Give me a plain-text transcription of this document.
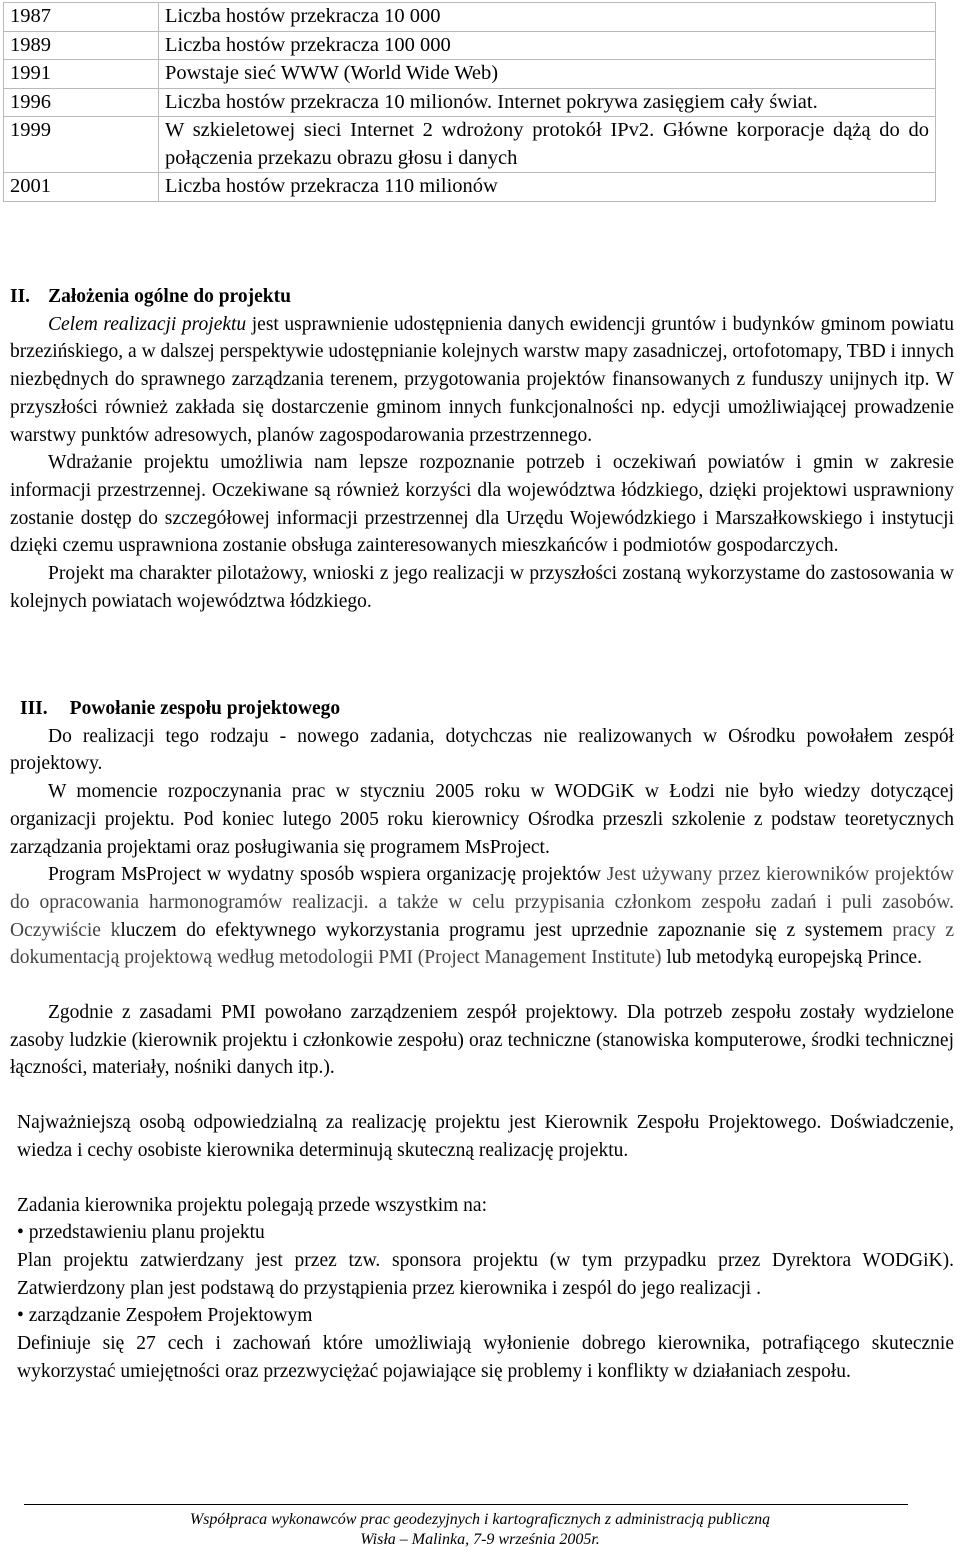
1987	Liczba hostów przekracza 10 000
1989	Liczba hostów przekracza 100 000
1991	Powstaje sieć WWW (World Wide Web)
1996	Liczba hostów przekracza 10 milionów. Internet pokrywa zasięgiem cały świat.
1999	W szkieletowej sieci Internet 2 wdrożony protokół IPv2. Główne korporacje dążą do do połączenia przekazu obrazu głosu i danych
2001	Liczba hostów przekracza 110 milionów
II. Założenia ogólne do projektu
Celem realizacji projektu jest usprawnienie udostępnienia danych ewidencji gruntów i budynków gminom powiatu brzezińskiego, a w dalszej perspektywie udostępnianie kolejnych warstw mapy zasadniczej, ortofotomapy, TBD i innych niezbędnych do sprawnego zarządzania terenem, przygotowania projektów finansowanych z funduszy unijnych itp. W przyszłości również zakłada się dostarczenie gminom innych funkcjonalności np. edycji umożliwiającej prowadzenie warstwy punktów adresowych, planów zagospodarowania przestrzennego.
Wdrażanie projektu umożliwia nam lepsze rozpoznanie potrzeb i oczekiwań powiatów i gmin w zakresie informacji przestrzennej. Oczekiwane są również korzyści dla województwa łódzkiego, dzięki projektowi usprawniony zostanie dostęp do szczegółowej informacji przestrzennej dla Urzędu Wojewódzkiego i Marszałkowskiego i instytucji dzięki czemu usprawniona zostanie obsługa zainteresowanych mieszkańców i podmiotów gospodarczych.
Projekt ma charakter pilotażowy, wnioski z jego realizacji w przyszłości zostaną wykorzystame do zastosowania w kolejnych powiatach województwa łódzkiego.
III. Powołanie zespołu projektowego
Do realizacji tego rodzaju - nowego zadania, dotychczas nie realizowanych w Ośrodku powołałem zespół projektowy.
W momencie rozpoczynania prac w styczniu 2005 roku w WODGiK w Łodzi nie było wiedzy dotyczącej organizacji projektu. Pod koniec lutego 2005 roku kierownicy Ośrodka przeszli szkolenie z podstaw teoretycznych zarządzania projektami oraz posługiwania się programem MsProject.
Program MsProject w wydatny sposób wspiera organizację projektów Jest używany przez kierowników projektów do opracowania harmonogramów realizacji. a także w celu przypisania członkom zespołu zadań i puli zasobów. Oczywiście kluczem do efektywnego wykorzystania programu jest uprzednie zapoznanie się z systemem pracy z dokumentacją projektową według metodologii PMI (Project Management Institute) lub metodyką europejską Prince.
Zgodnie z zasadami PMI powołano zarządzeniem zespół projektowy. Dla potrzeb zespołu zostały wydzielone zasoby ludzkie (kierownik projektu i członkowie zespołu) oraz techniczne (stanowiska komputerowe, środki technicznej łączności, materiały, nośniki danych itp.).
Najważniejszą osobą odpowiedzialną za realizację projektu jest Kierownik Zespołu Projektowego. Doświadczenie, wiedza i cechy osobiste kierownika determinują skuteczną realizację projektu.
Zadania kierownika projektu polegają przede wszystkim na:
• przedstawieniu planu projektu
Plan projektu zatwierdzany jest przez tzw. sponsora projektu (w tym przypadku przez Dyrektora WODGiK). Zatwierdzony plan jest podstawą do przystąpienia przez kierownika i zespól do jego realizacji .
• zarządzanie Zespołem Projektowym
Definiuje się 27 cech i zachowań które umożliwiają wyłonienie dobrego kierownika, potrafiącego skutecznie wykorzystać umiejętności oraz przezwyciężać pojawiające się problemy i konflikty w działaniach zespołu.
Współpraca wykonawców prac geodezyjnych i kartograficznych z administracją publiczną
Wisła – Malinka, 7-9 września 2005r.
